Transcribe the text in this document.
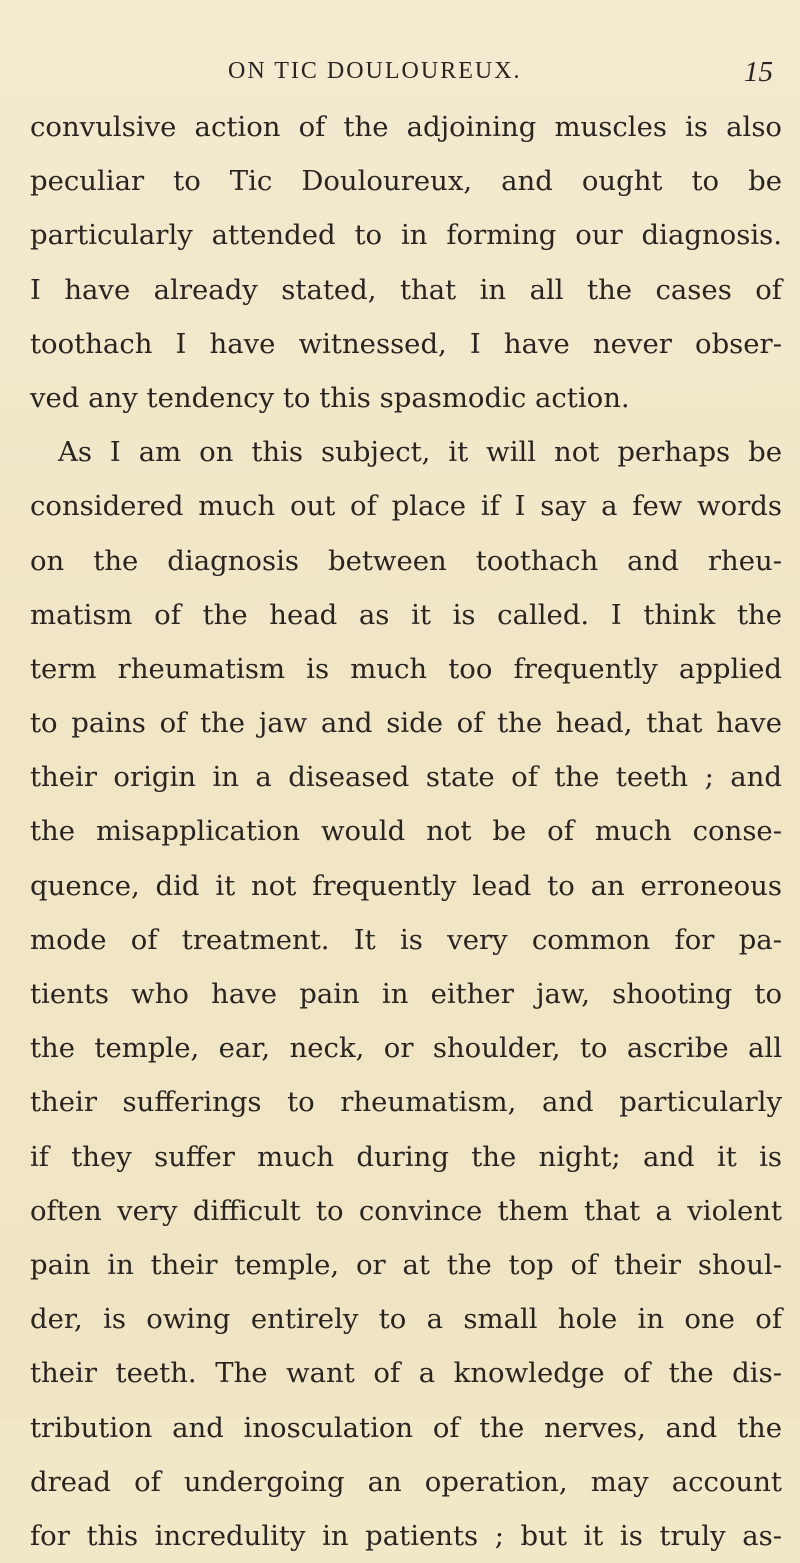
ON TIC DOULOUREUX.	15
convulsive action of the adjoining muscles is also
peculiar to Tic Douloureux, and ought to be
particularly attended to in forming our diagnosis.
I have already stated, that in all the cases of
toothach I have witnessed, I have never obser-
ved any tendency to this spasmodic action.
As I am on this subject, it will not perhaps be
considered much out of place if I say a few words
on the diagnosis between toothach and rheu-
matism of the head as it is called. I think the
term rheumatism is much too frequently applied
to pains of the jaw and side of the head, that have
their origin in a diseased state of the teeth ; and
the misapplication would not be of much conse-
quence, did it not frequently lead to an erroneous
mode of treatment. It is very common for pa-
tients who have pain in either jaw, shooting to
the temple, ear, neck, or shoulder, to ascribe all
their sufferings to rheumatism, and particularly
if they suffer much during the night; and it is
often very difficult to convince them that a violent
pain in their temple, or at the top of their shoul-
der, is owing entirely to a small hole in one of
their teeth. The want of a knowledge of the dis-
tribution and inosculation of the nerves, and the
dread of undergoing an operation, may account
for this incredulity in patients ; but it is truly as-
